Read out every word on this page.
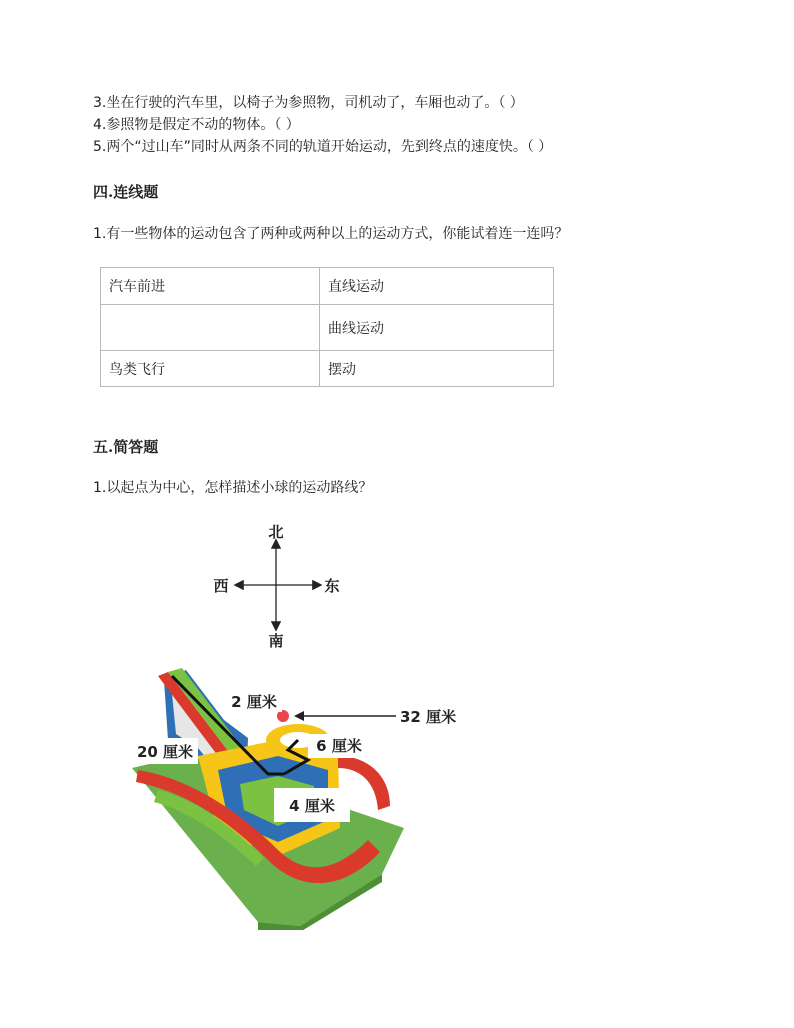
3.坐在行驶的汽车里，以椅子为参照物，司机动了，车厢也动了。（ ）
4.参照物是假定不动的物体。（ ）
5.两个“过山车”同时从两条不同的轨道开始运动，先到终点的速度快。（ ）
四.连线题
1.有一些物体的运动包含了两种或两种以上的运动方式，你能试着连一连吗？
汽车前进	直线运动
	曲线运动
鸟类飞行	摆动
五.简答题
1.以起点为中心，怎样描述小球的运动路线？
北
南
东
西
2 厘米
32 厘米
20 厘米	6 厘米
4 厘米
